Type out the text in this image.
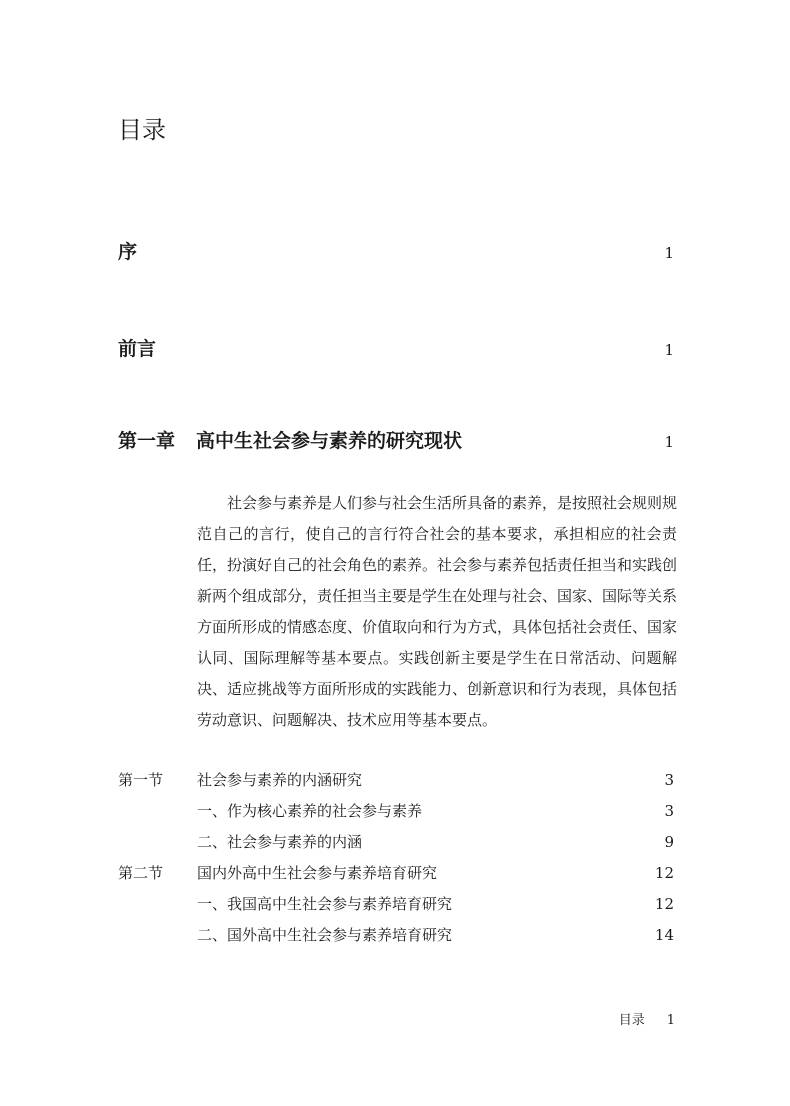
目录
序	1
前言	1
第一章 高中生社会参与素养的研究现状	1

社会参与素养是人们参与社会生活所具备的素养，是按照社会规则规范自己的言行，使自己的言行符合社会的基本要求，承担相应的社会责任，扮演好自己的社会角色的素养。社会参与素养包括责任担当和实践创新两个组成部分，责任担当主要是学生在处理与社会、国家、国际等关系方面所形成的情感态度、价值取向和行为方式，具体包括社会责任、国家认同、国际理解等基本要点。实践创新主要是学生在日常活动、问题解决、适应挑战等方面所形成的实践能力、创新意识和行为表现，具体包括劳动意识、问题解决、技术应用等基本要点。

第一节 社会参与素养的内涵研究	3
一、作为核心素养的社会参与素养	3
二、社会参与素养的内涵	9
第二节 国内外高中生社会参与素养培育研究	12
一、我国高中生社会参与素养培育研究	12
二、国外高中生社会参与素养培育研究	14
目录 1
